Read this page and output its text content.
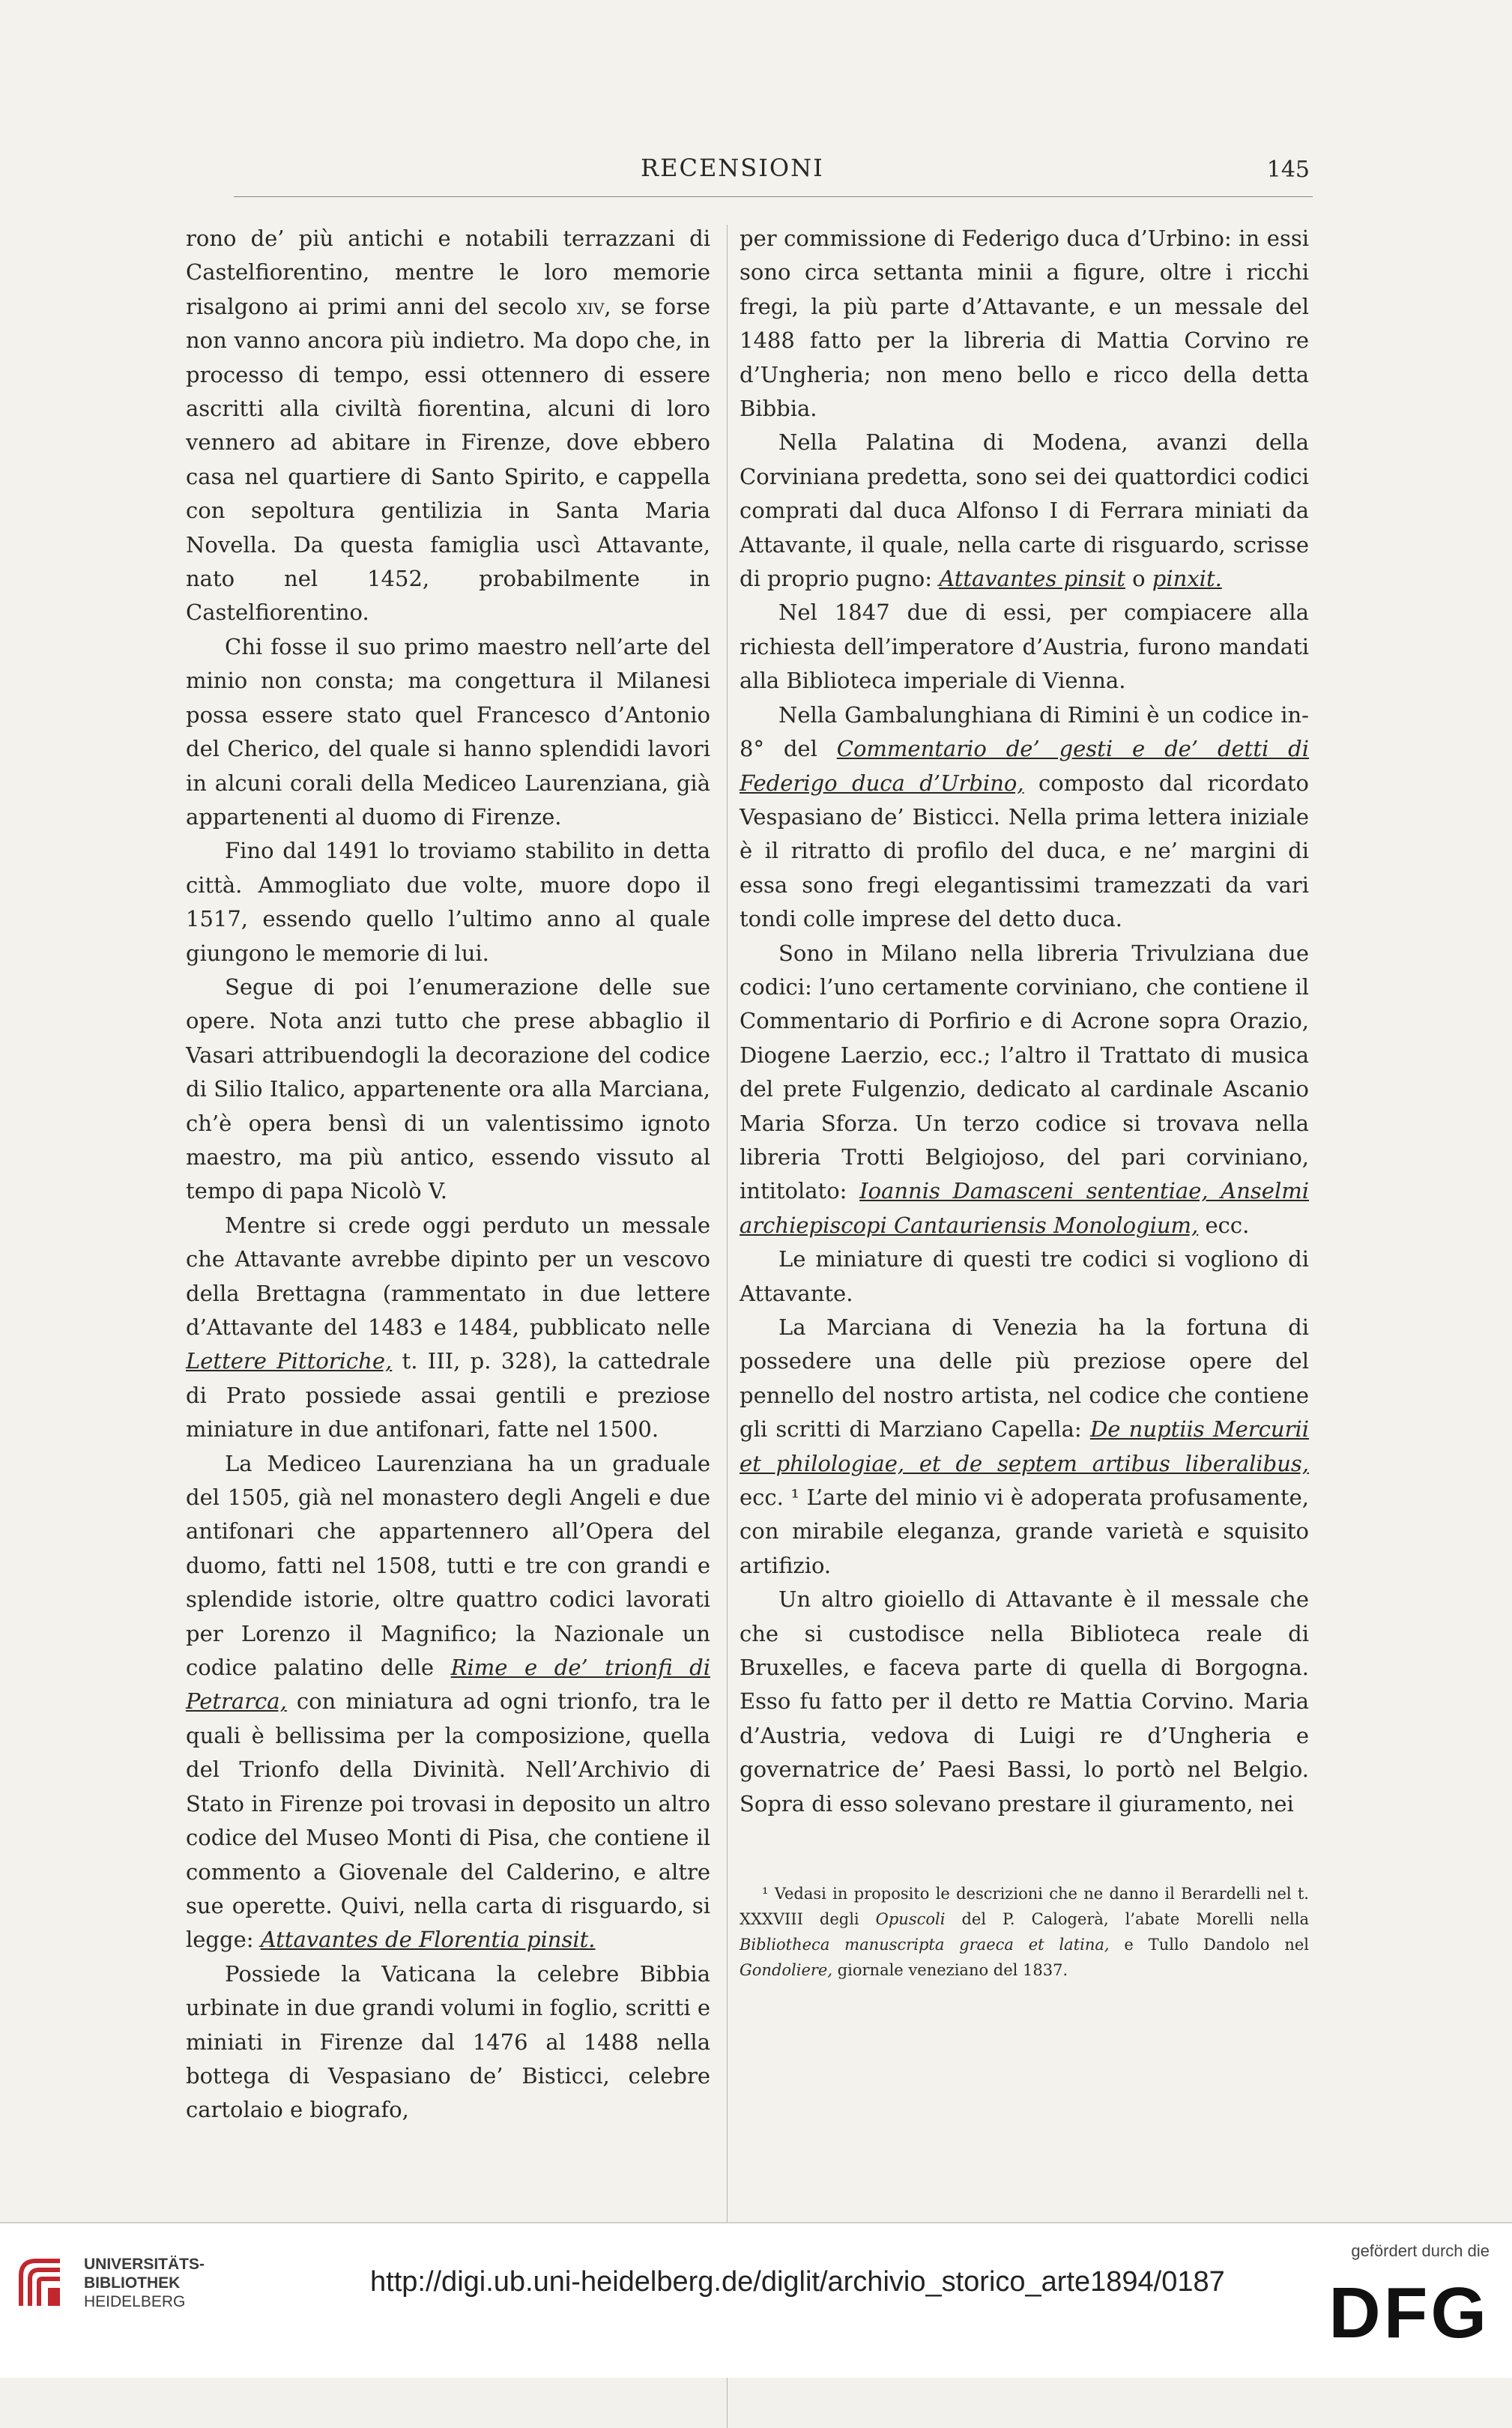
RECENSIONI	145

rono de’ più antichi e notabili terrazzani di Castelfiorentino, mentre le loro memorie risalgono ai primi anni del secolo xiv, se forse non vanno ancora più indietro. Ma dopo che, in processo di tempo, essi ottennero di essere ascritti alla civiltà fiorentina, alcuni di loro vennero ad abitare in Firenze, dove ebbero casa nel quartiere di Santo Spirito, e cappella con sepoltura gentilizia in Santa Maria Novella. Da questa famiglia uscì Attavante, nato nel 1452, probabilmente in Castelfiorentino.

Chi fosse il suo primo maestro nell’arte del minio non consta; ma congettura il Milanesi possa essere stato quel Francesco d’Antonio del Cherico, del quale si hanno splendidi lavori in alcuni corali della Mediceo Laurenziana, già appartenenti al duomo di Firenze.

Fino dal 1491 lo troviamo stabilito in detta città. Ammogliato due volte, muore dopo il 1517, essendo quello l’ultimo anno al quale giungono le memorie di lui.

Segue di poi l’enumerazione delle sue opere. Nota anzi tutto che prese abbaglio il Vasari attribuendogli la decorazione del codice di Silio Italico, appartenente ora alla Marciana, ch’è opera bensì di un valentissimo ignoto maestro, ma più antico, essendo vissuto al tempo di papa Nicolò V.

Mentre si crede oggi perduto un messale che Attavante avrebbe dipinto per un vescovo della Brettagna (rammentato in due lettere d’Attavante del 1483 e 1484, pubblicato nelle Lettere Pittoriche, t. III, p. 328), la cattedrale di Prato possiede assai gentili e preziose miniature in due antifonari, fatte nel 1500.

La Mediceo Laurenziana ha un graduale del 1505, già nel monastero degli Angeli e due antifonari che appartennero all’Opera del duomo, fatti nel 1508, tutti e tre con grandi e splendide istorie, oltre quattro codici lavorati per Lorenzo il Magnifico; la Nazionale un codice palatino delle Rime e de’ trionfi di Petrarca, con miniatura ad ogni trionfo, tra le quali è bellissima per la composizione, quella del Trionfo della Divinità. Nell’Archivio di Stato in Firenze poi trovasi in deposito un altro codice del Museo Monti di Pisa, che contiene il commento a Giovenale del Calderino, e altre sue operette. Quivi, nella carta di risguardo, si legge: Attavantes de Florentia pinsit.

Possiede la Vaticana la celebre Bibbia urbinate in due grandi volumi in foglio, scritti e miniati in Firenze dal 1476 al 1488 nella bottega di Vespasiano de’ Bisticci, celebre cartolaio e biografo,

per commissione di Federigo duca d’Urbino: in essi sono circa settanta minii a figure, oltre i ricchi fregi, la più parte d’Attavante, e un messale del 1488 fatto per la libreria di Mattia Corvino re d’Ungheria; non meno bello e ricco della detta Bibbia.

Nella Palatina di Modena, avanzi della Corviniana predetta, sono sei dei quattordici codici comprati dal duca Alfonso I di Ferrara miniati da Attavante, il quale, nella carte di risguardo, scrisse di proprio pugno: Attavantes pinsit o pinxit.

Nel 1847 due di essi, per compiacere alla richiesta dell’imperatore d’Austria, furono mandati alla Biblioteca imperiale di Vienna.

Nella Gambalunghiana di Rimini è un codice in-8° del Commentario de’ gesti e de’ detti di Federigo duca d’Urbino, composto dal ricordato Vespasiano de’ Bisticci. Nella prima lettera iniziale è il ritratto di profilo del duca, e ne’ margini di essa sono fregi elegantissimi tramezzati da vari tondi colle imprese del detto duca.

Sono in Milano nella libreria Trivulziana due codici: l’uno certamente corviniano, che contiene il Commentario di Porfirio e di Acrone sopra Orazio, Diogene Laerzio, ecc.; l’altro il Trattato di musica del prete Fulgenzio, dedicato al cardinale Ascanio Maria Sforza. Un terzo codice si trovava nella libreria Trotti Belgiojoso, del pari corviniano, intitolato: Ioannis Damasceni sententiae, Anselmi archiepiscopi Cantauriensis Monologium, ecc.

Le miniature di questi tre codici si vogliono di Attavante.

La Marciana di Venezia ha la fortuna di possedere una delle più preziose opere del pennello del nostro artista, nel codice che contiene gli scritti di Marziano Capella: De nuptiis Mercurii et philologiae, et de septem artibus liberalibus, ecc. ¹ L’arte del minio vi è adoperata profusamente, con mirabile eleganza, grande varietà e squisito artifizio.

Un altro gioiello di Attavante è il messale che che si custodisce nella Biblioteca reale di Bruxelles, e faceva parte di quella di Borgogna. Esso fu fatto per il detto re Mattia Corvino. Maria d’Austria, vedova di Luigi re d’Ungheria e governatrice de’ Paesi Bassi, lo portò nel Belgio. Sopra di esso solevano prestare il giuramento, nei

¹ Vedasi in proposito le descrizioni che ne danno il Berardelli nel t. XXXVIII degli Opuscoli del P. Calogerà, l’abate Morelli nella Bibliotheca manuscripta graeca et latina, e Tullo Dandolo nel Gondoliere, giornale veneziano del 1837.

UNIVERSITÄTS-
BIBLIOTHEK
HEIDELBERG
http://digi.ub.uni-heidelberg.de/diglit/archivio_storico_arte1894/0187
gefördert durch die
DFG
